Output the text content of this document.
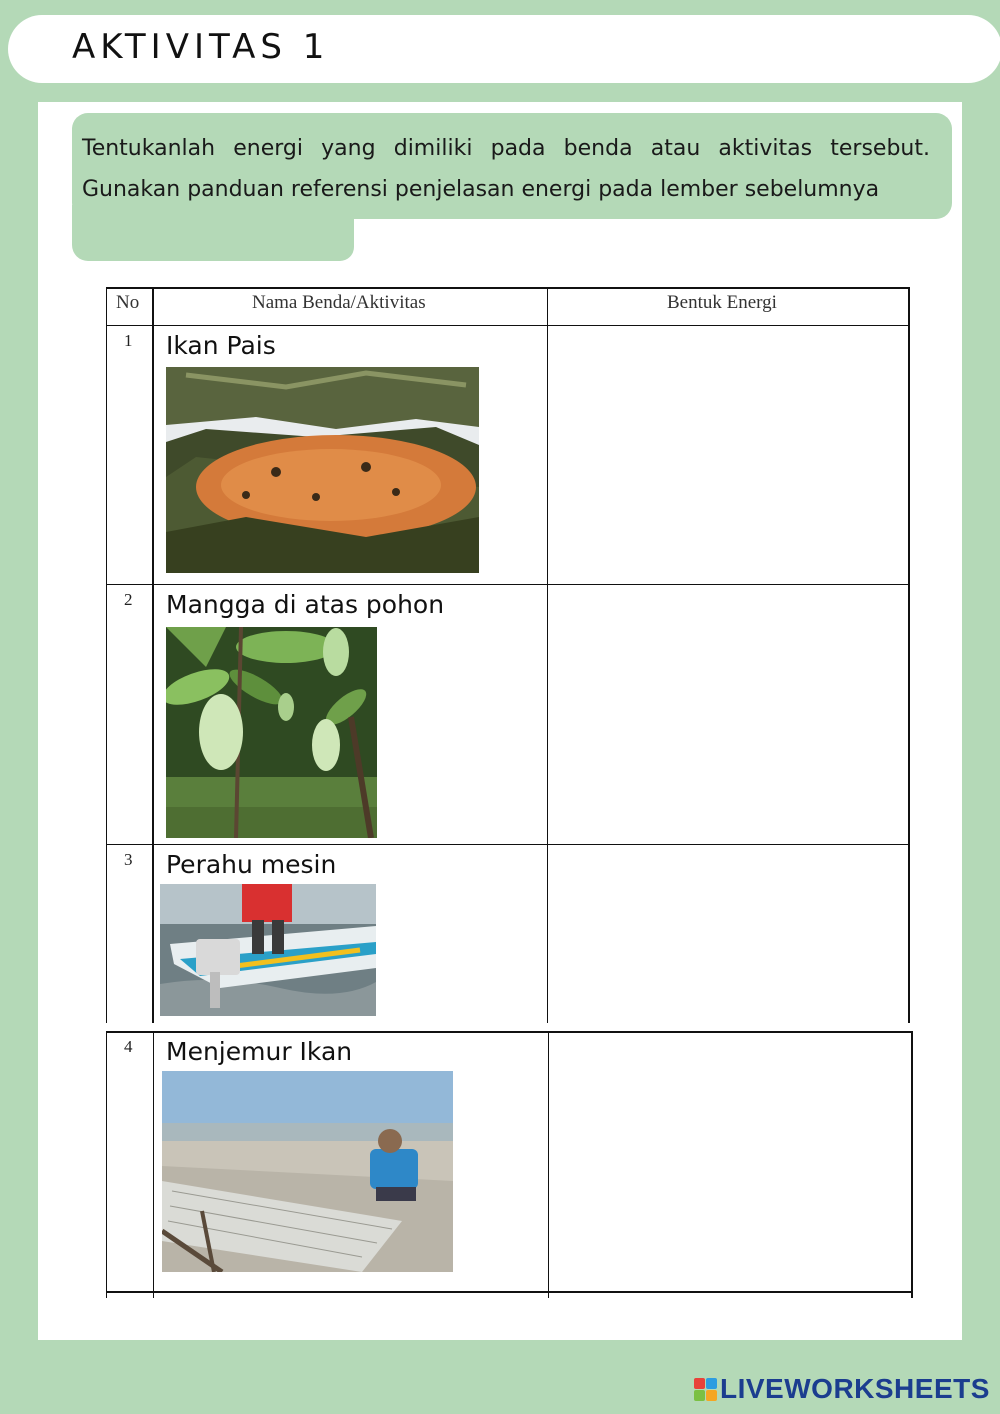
AKTIVITAS 1
Tentukanlah energi yang dimiliki pada benda atau aktivitas tersebut. Gunakan panduan referensi penjelasan energi pada lember sebelumnya
No	Nama Benda/Aktivitas	Bentuk Energi
1 Ikan Pais
2 Mangga di atas pohon
3 Perahu mesin
4 Menjemur Ikan
LIVEWORKSHEETS
